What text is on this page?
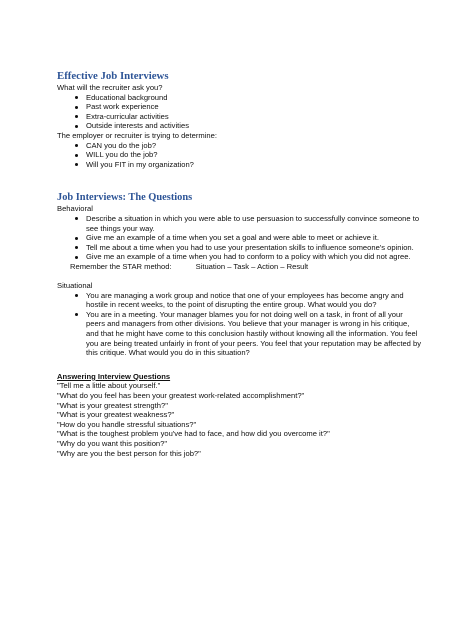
Effective Job Interviews

What will the recruiter ask you?

Educational background
Past work experience
Extra-curricular activities
Outside interests and activities

The employer or recruiter is trying to determine:

CAN you do the job?
WILL you do the job?
Will you FIT in my organization?
Job Interviews: The Questions

Behavioral

Describe a situation in which you were able to use persuasion to successfully convince someone to see things your way.
Give me an example of a time when you set a goal and were able to meet or achieve it.
Tell me about a time when you had to use your presentation skills to influence someone's opinion.
Give me an example of a time when you had to conform to a policy with which you did not agree.

Remember the STAR method:	Situation – Task – Action – Result

Situational

You are managing a work group and notice that one of your employees has become angry and hostile in recent weeks, to the point of disrupting the entire group. What would you do?
You are in a meeting. Your manager blames you for not doing well on a task, in front of all your peers and managers from other divisions. You believe that your manager is wrong in his critique, and that he might have come to this conclusion hastily without knowing all the information. You feel you are being treated unfairly in front of your peers. You feel that your reputation may be affected by this critique. What would you do in this situation?

Answering Interview Questions

"Tell me a little about yourself."

"What do you feel has been your greatest work-related accomplishment?"

"What is your greatest strength?"

"What is your greatest weakness?"

"How do you handle stressful situations?"

"What is the toughest problem you've had to face, and how did you overcome it?"

"Why do you want this position?"

"Why are you the best person for this job?"
